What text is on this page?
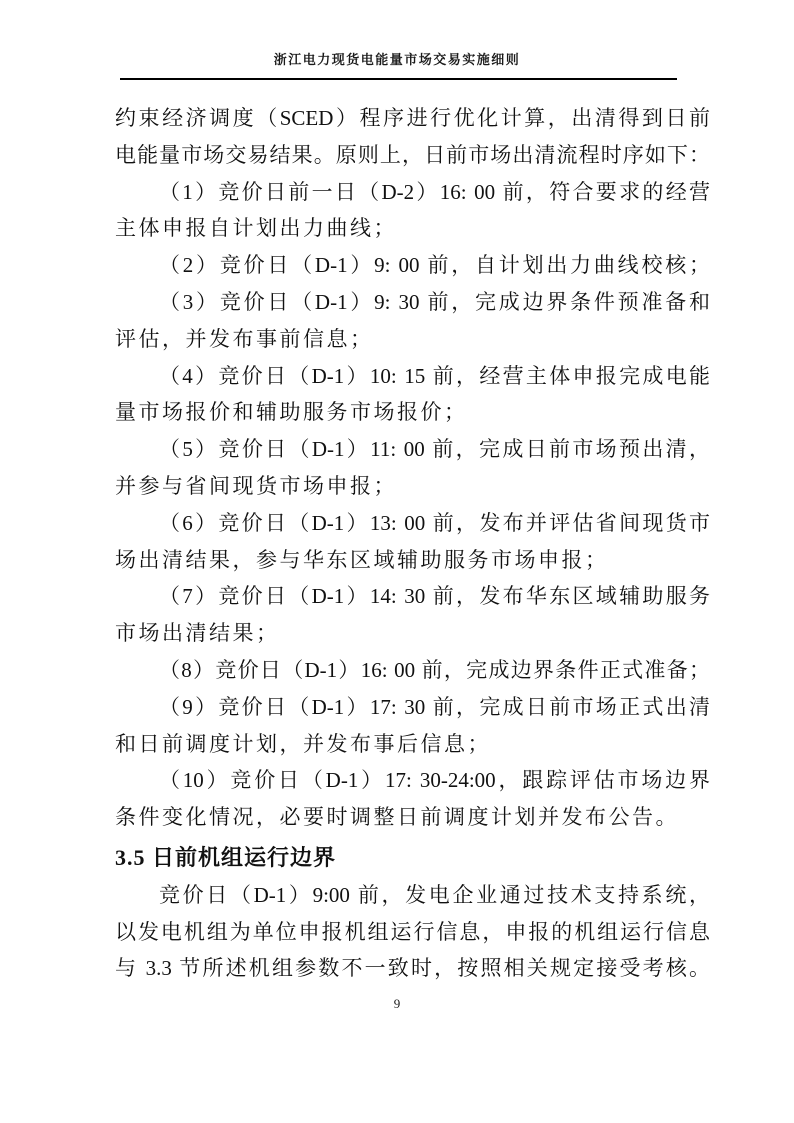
浙江电力现货电能量市场交易实施细则
约束经济调度（SCED）程序进行优化计算，出清得到日前
电能量市场交易结果。原则上，日前市场出清流程时序如下：
（1）竞价日前一日（D-2）16: 00 前，符合要求的经营
主体申报自计划出力曲线；
（2）竞价日（D-1）9: 00 前，自计划出力曲线校核；
（3）竞价日（D-1）9: 30 前，完成边界条件预准备和
评估，并发布事前信息；
（4）竞价日（D-1）10: 15 前，经营主体申报完成电能
量市场报价和辅助服务市场报价；
（5）竞价日（D-1）11: 00 前，完成日前市场预出清，
并参与省间现货市场申报；
（6）竞价日（D-1）13: 00 前，发布并评估省间现货市
场出清结果，参与华东区域辅助服务市场申报；
（7）竞价日（D-1）14: 30 前，发布华东区域辅助服务
市场出清结果；
（8）竞价日（D-1）16: 00 前，完成边界条件正式准备；
（9）竞价日（D-1）17: 30 前，完成日前市场正式出清
和日前调度计划，并发布事后信息；
（10）竞价日（D-1）17: 30-24:00，跟踪评估市场边界
条件变化情况，必要时调整日前调度计划并发布公告。
3.5 日前机组运行边界
竞价日（D-1）9:00 前，发电企业通过技术支持系统，
以发电机组为单位申报机组运行信息，申报的机组运行信息
与 3.3 节所述机组参数不一致时，按照相关规定接受考核。
9
